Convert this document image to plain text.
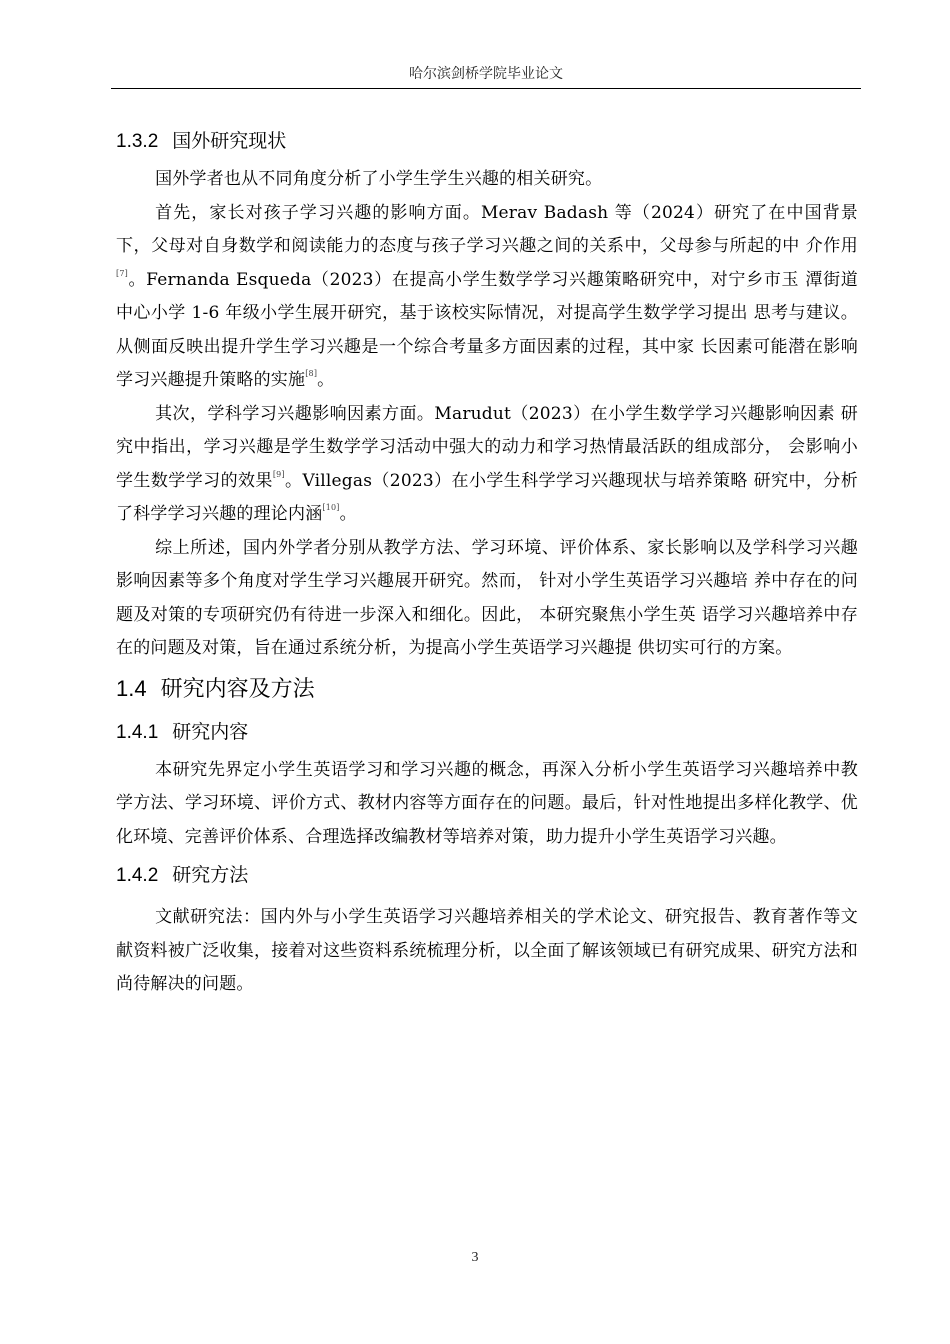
哈尔滨剑桥学院毕业论文
1.3.2 国外研究现状

国外学者也从不同角度分析了小学生学生兴趣的相关研究。

首先，家长对孩子学习兴趣的影响方面。Merav Badash 等（2024）研究了在中国背景 下，父母对自身数学和阅读能力的态度与孩子学习兴趣之间的关系中，父母参与所起的中 介作用[7]。Fernanda Esqueda（2023）在提高小学生数学学习兴趣策略研究中，对宁乡市玉 潭街道中心小学 1-6 年级小学生展开研究，基于该校实际情况，对提高学生数学学习提出 思考与建议。从侧面反映出提升学生学习兴趣是一个综合考量多方面因素的过程，其中家 长因素可能潜在影响学习兴趣提升策略的实施[8]。

其次，学科学习兴趣影响因素方面。Marudut（2023）在小学生数学学习兴趣影响因素 研究中指出，学习兴趣是学生数学学习活动中强大的动力和学习热情最活跃的组成部分， 会影响小学生数学学习的效果[9]。Villegas（2023）在小学生科学学习兴趣现状与培养策略 研究中，分析了科学学习兴趣的理论内涵[10]。

综上所述，国内外学者分别从教学方法、学习环境、评价体系、家长影响以及学科学习兴趣影响因素等多个角度对学生学习兴趣展开研究。然而， 针对小学生英语学习兴趣培 养中存在的问题及对策的专项研究仍有待进一步深入和细化。因此， 本研究聚焦小学生英 语学习兴趣培养中存在的问题及对策，旨在通过系统分析，为提高小学生英语学习兴趣提 供切实可行的方案。

1.4 研究内容及方法
1.4.1 研究内容

本研究先界定小学生英语学习和学习兴趣的概念，再深入分析小学生英语学习兴趣培养中教学方法、学习环境、评价方式、教材内容等方面存在的问题。最后，针对性地提出多样化教学、优化环境、完善评价体系、合理选择改编教材等培养对策，助力提升小学生英语学习兴趣。

1.4.2 研究方法

文献研究法：国内外与小学生英语学习兴趣培养相关的学术论文、研究报告、教育著作等文献资料被广泛收集，接着对这些资料系统梳理分析，以全面了解该领域已有研究成果、研究方法和尚待解决的问题。

3
